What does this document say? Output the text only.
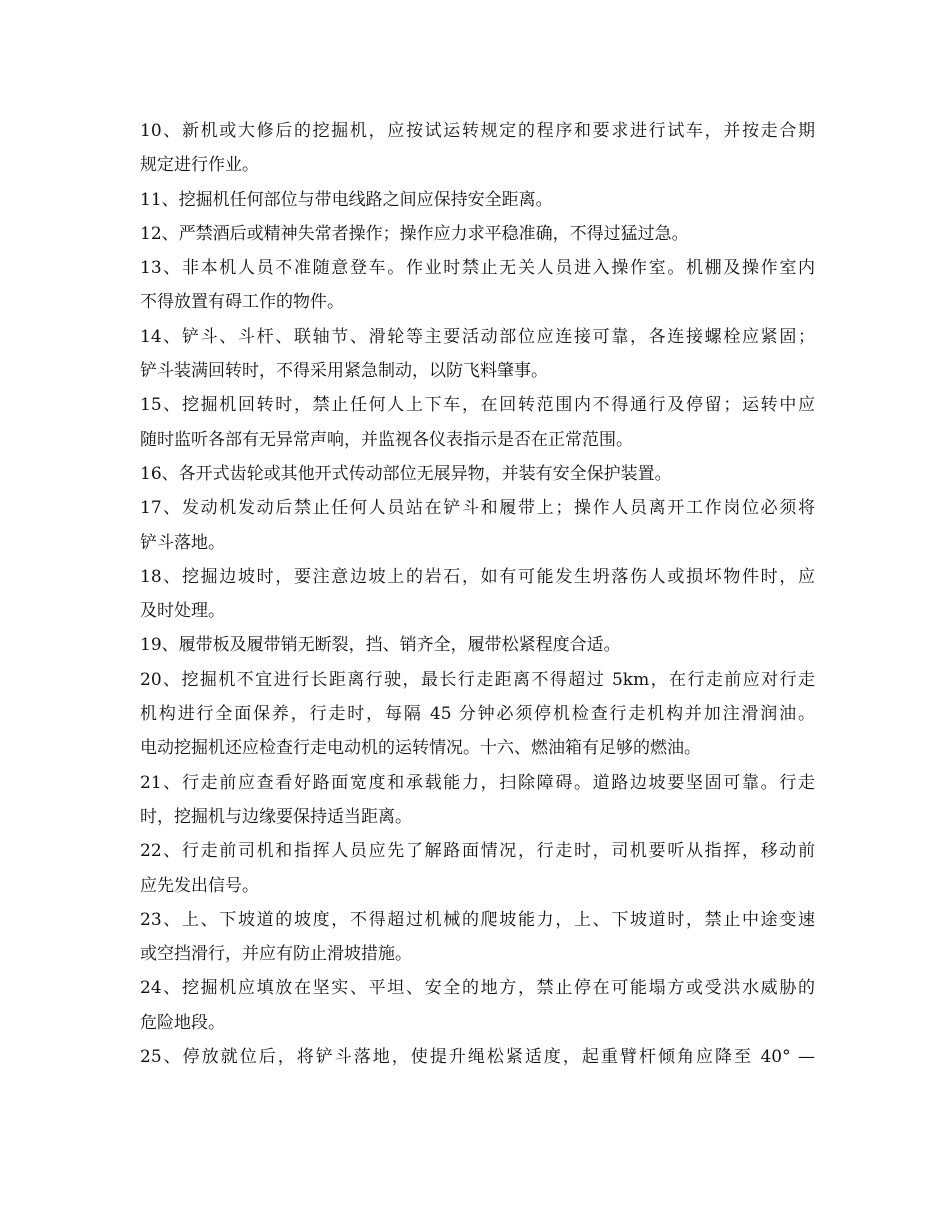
10、新机或大修后的挖掘机，应按试运转规定的程序和要求进行试车，并按走合期
规定进行作业。
11、挖掘机任何部位与带电线路之间应保持安全距离。
12、严禁酒后或精神失常者操作；操作应力求平稳准确，不得过猛过急。
13、非本机人员不准随意登车。作业时禁止无关人员进入操作室。机棚及操作室内
不得放置有碍工作的物件。
14、铲斗、斗杆、联轴节、滑轮等主要活动部位应连接可靠，各连接螺栓应紧固；
铲斗装满回转时，不得采用紧急制动，以防飞料肇事。
15、挖掘机回转时，禁止任何人上下车，在回转范围内不得通行及停留；运转中应
随时监听各部有无异常声响，并监视各仪表指示是否在正常范围。
16、各开式齿轮或其他开式传动部位无展异物，并装有安全保护装置。
17、发动机发动后禁止任何人员站在铲斗和履带上；操作人员离开工作岗位必须将
铲斗落地。
18、挖掘边坡时，要注意边坡上的岩石，如有可能发生坍落伤人或损坏物件时，应
及时处理。
19、履带板及履带销无断裂，挡、销齐全，履带松紧程度合适。
20、挖掘机不宜进行长距离行驶，最长行走距离不得超过 5km，在行走前应对行走
机构进行全面保养，行走时，每隔 45 分钟必须停机检查行走机构并加注滑润油。
电动挖掘机还应检查行走电动机的运转情况。十六、燃油箱有足够的燃油。
21、行走前应查看好路面宽度和承载能力，扫除障碍。道路边坡要坚固可靠。行走
时，挖掘机与边缘要保持适当距离。
22、行走前司机和指挥人员应先了解路面情况，行走时，司机要听从指挥，移动前
应先发出信号。
23、上、下坡道的坡度，不得超过机械的爬坡能力，上、下坡道时，禁止中途变速
或空挡滑行，并应有防止滑坡措施。
24、挖掘机应填放在坚实、平坦、安全的地方，禁止停在可能塌方或受洪水威胁的
危险地段。
25、停放就位后，将铲斗落地，使提升绳松紧适度，起重臂杆倾角应降至 40° —
